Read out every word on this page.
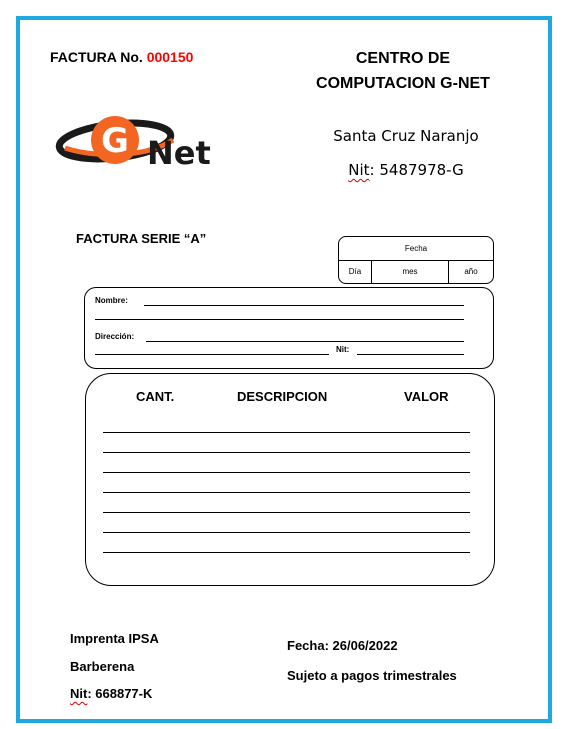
FACTURA No. 000150	CENTRO DE
COMPUTACION G-NET
Santa Cruz Naranjo
Nit: 5487978-G
G Net
FACTURA SERIE “A”
Fecha
Día	mes	año
Nombre:
Dirección:
Nit:
CANT.	DESCRIPCION	VALOR
Imprenta IPSA
Barberena
Nit: 668877-K
Fecha: 26/06/2022
Sujeto a pagos trimestrales
